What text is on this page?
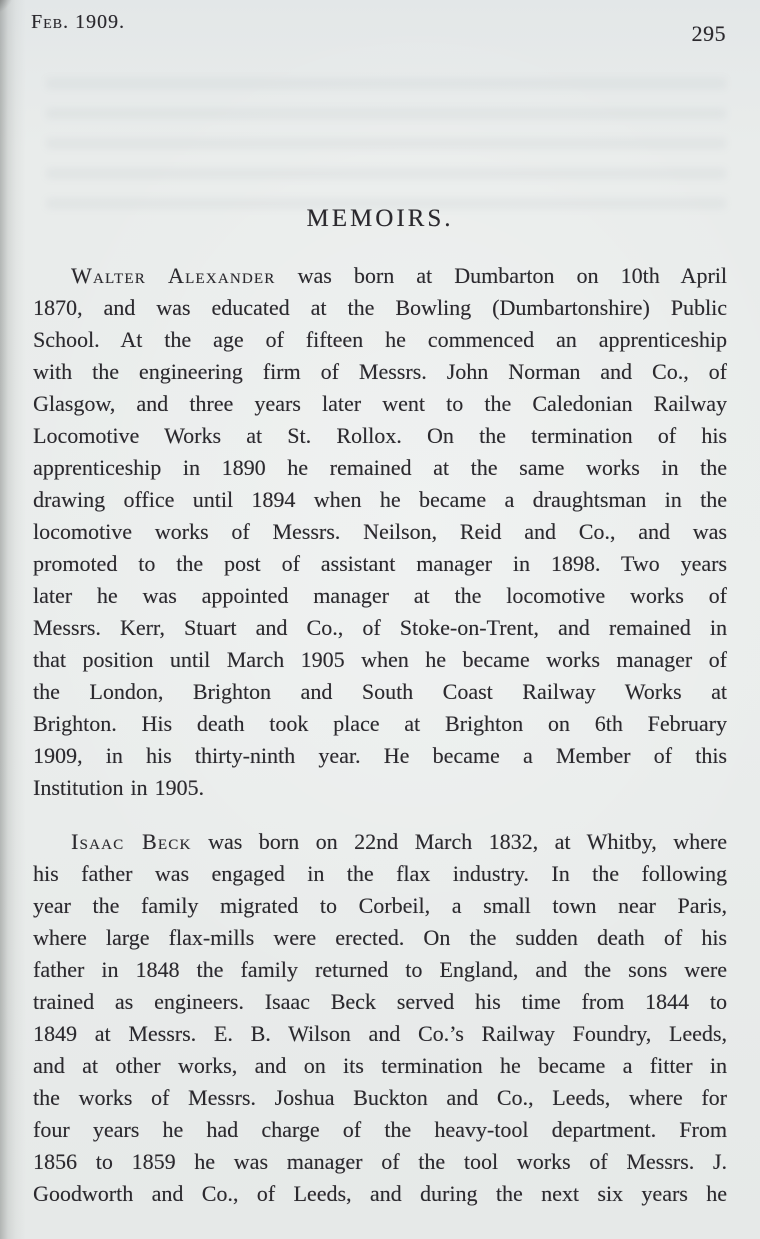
Feb. 1909.	295
MEMOIRS.
Walter Alexander was born at Dumbarton on 10th April
1870, and was educated at the Bowling (Dumbartonshire) Public
School. At the age of fifteen he commenced an apprenticeship
with the engineering firm of Messrs. John Norman and Co., of
Glasgow, and three years later went to the Caledonian Railway
Locomotive Works at St. Rollox. On the termination of his
apprenticeship in 1890 he remained at the same works in the
drawing office until 1894 when he became a draughtsman in the
locomotive works of Messrs. Neilson, Reid and Co., and was
promoted to the post of assistant manager in 1898. Two years
later he was appointed manager at the locomotive works of
Messrs. Kerr, Stuart and Co., of Stoke-on-Trent, and remained in
that position until March 1905 when he became works manager of
the London, Brighton and South Coast Railway Works at
Brighton. His death took place at Brighton on 6th February
1909, in his thirty-ninth year. He became a Member of this
Institution in 1905.
Isaac Beck was born on 22nd March 1832, at Whitby, where
his father was engaged in the flax industry. In the following
year the family migrated to Corbeil, a small town near Paris,
where large flax-mills were erected. On the sudden death of his
father in 1848 the family returned to England, and the sons were
trained as engineers. Isaac Beck served his time from 1844 to
1849 at Messrs. E. B. Wilson and Co.’s Railway Foundry, Leeds,
and at other works, and on its termination he became a fitter in
the works of Messrs. Joshua Buckton and Co., Leeds, where for
four years he had charge of the heavy-tool department. From
1856 to 1859 he was manager of the tool works of Messrs. J.
Goodworth and Co., of Leeds, and during the next six years he
